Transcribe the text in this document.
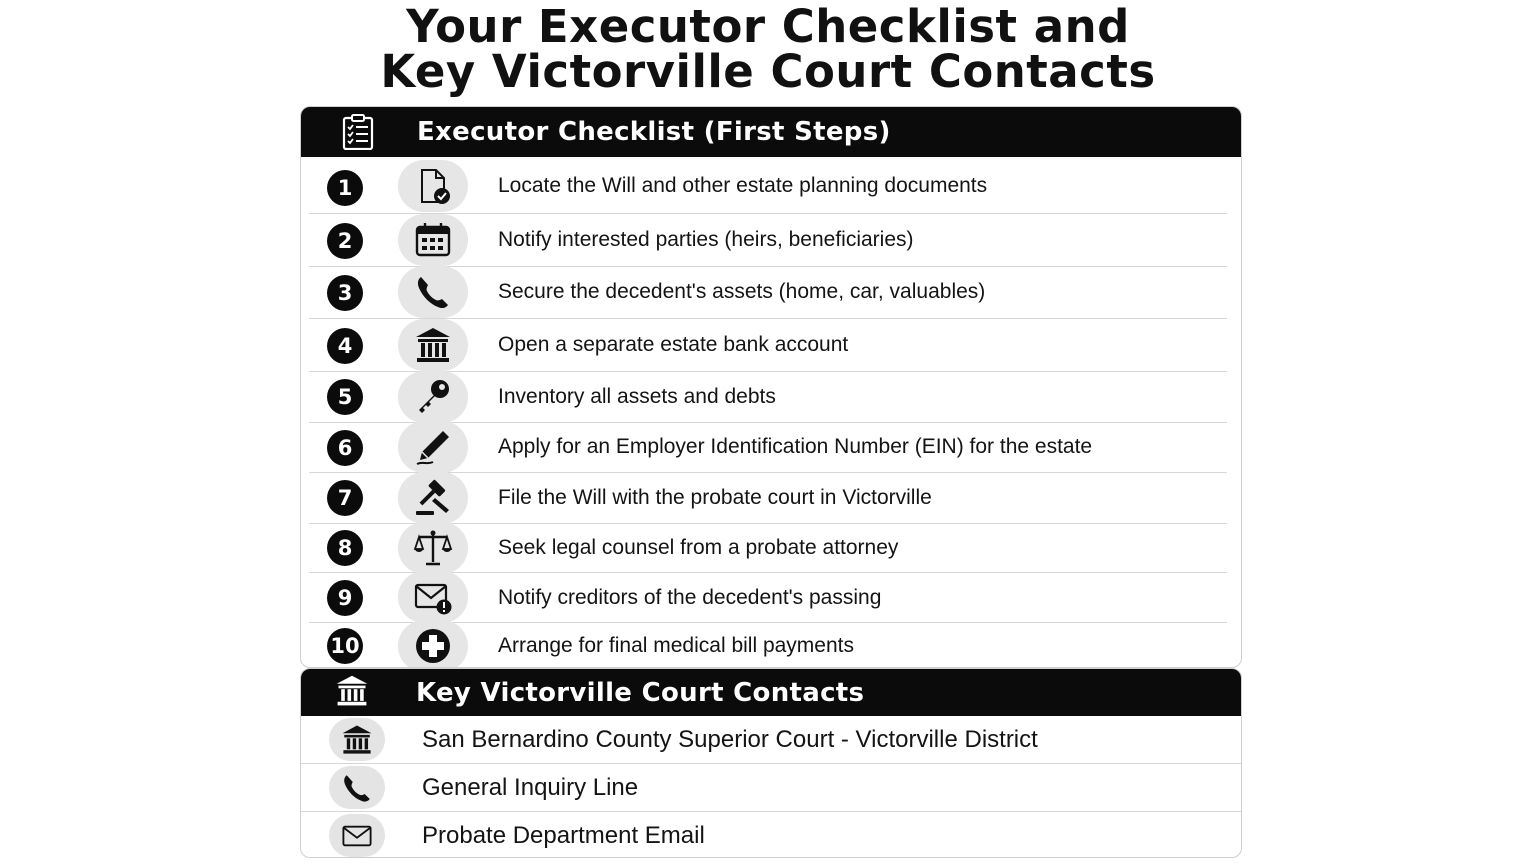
Your Executor Checklist and
Key Victorville Court Contacts
Executor Checklist (First Steps)
1	Locate the Will and other estate planning documents
2	Notify interested parties (heirs, beneficiaries)
3	Secure the decedent's assets (home, car, valuables)
4	Open a separate estate bank account
5	Inventory all assets and debts
6	Apply for an Employer Identification Number (EIN) for the estate
7	File the Will with the probate court in Victorville
8	Seek legal counsel from a probate attorney
9	Notify creditors of the decedent's passing
10	Arrange for final medical bill payments
Key Victorville Court Contacts
San Bernardino County Superior Court - Victorville District
General Inquiry Line
Probate Department Email
